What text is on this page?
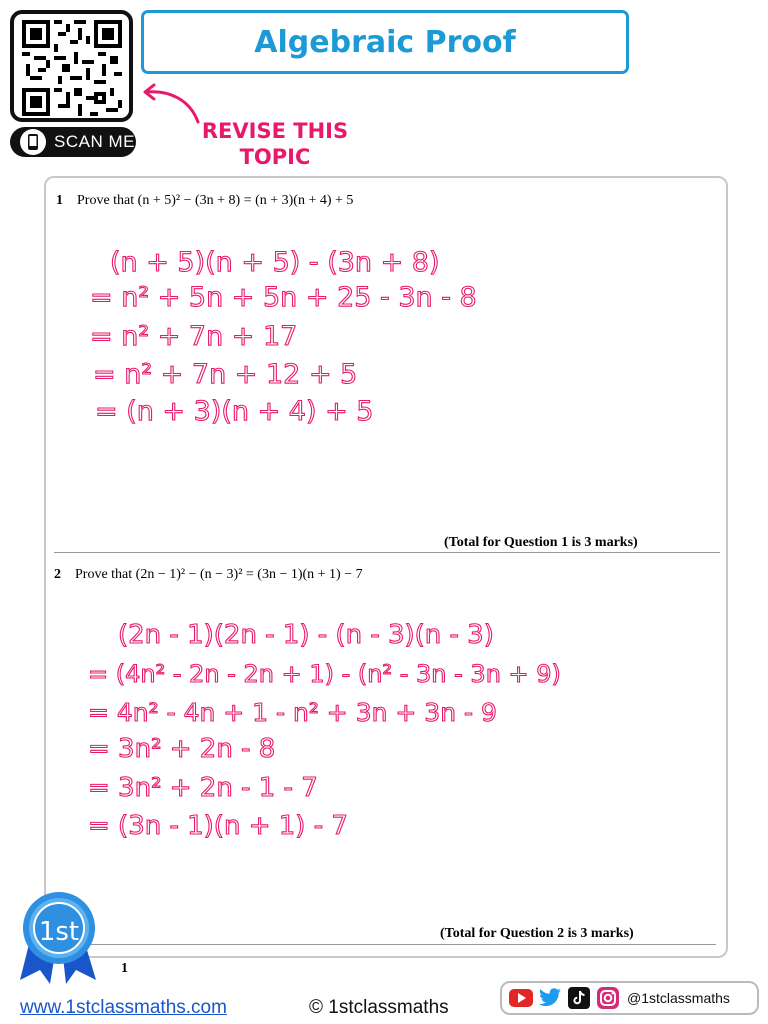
SCAN ME
Algebraic Proof
REVISE THIS
TOPIC
1 Prove that (n + 5)² − (3n + 8) = (n + 3)(n + 4) + 5
(n + 5)(n + 5) - (3n + 8)
= n² + 5n + 5n + 25 - 3n - 8
= n² + 7n + 17
= n² + 7n + 12 + 5
= (n + 3)(n + 4) + 5
(2n - 1)(2n - 1) - (n - 3)(n - 3)
= (4n² - 2n - 2n + 1) - (n² - 3n - 3n + 9)
= 4n² - 4n + 1 - n² + 3n + 3n - 9
= 3n² + 2n - 8
= 3n² + 2n - 1 - 7
= (3n - 1)(n + 1) - 7
(Total for Question 1 is 3 marks)
2 Prove that (2n − 1)² − (n − 3)² = (3n − 1)(n + 1) − 7
(Total for Question 2 is 3 marks)
1
1st
www.1stclassmaths.com	© 1stclassmaths	@1stclassmaths
